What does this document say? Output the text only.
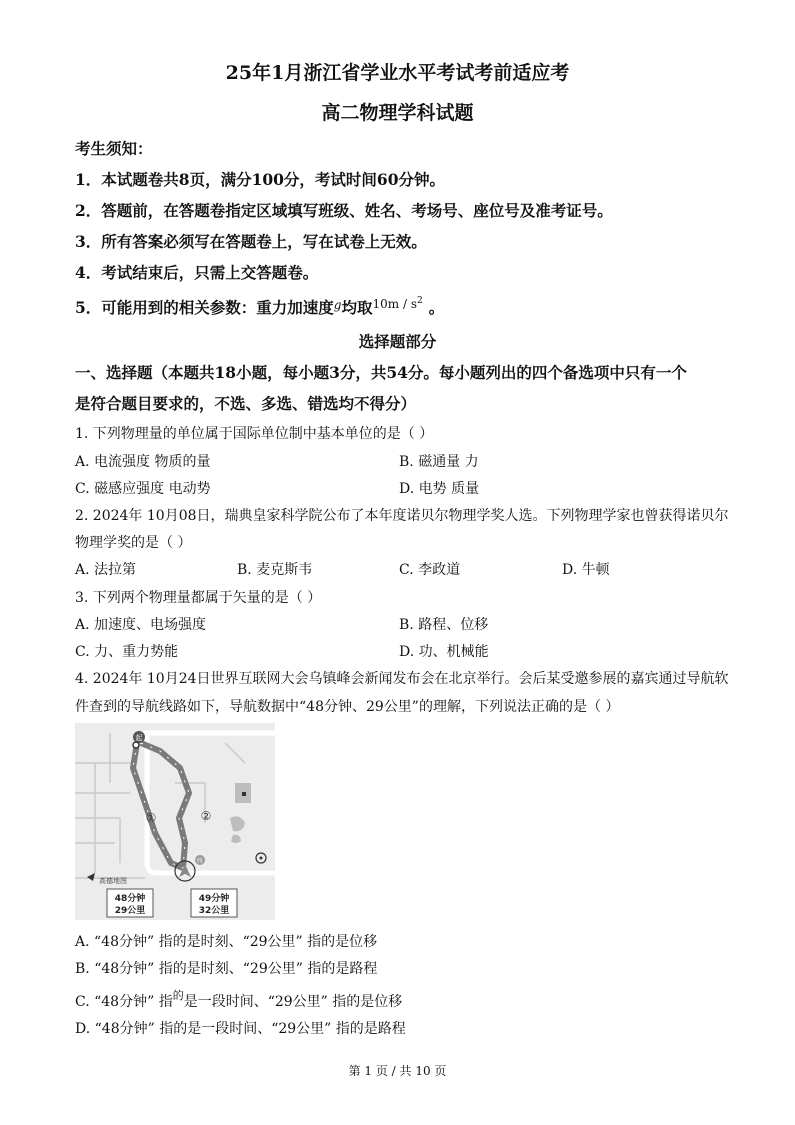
25年1月浙江省学业水平考试考前适应考
高二物理学科试题
考生须知：
1．本试题卷共8页，满分100分，考试时间60分钟。
2．答题前，在答题卷指定区域填写班级、姓名、考场号、座位号及准考证号。
3．所有答案必须写在答题卷上，写在试卷上无效。
4．考试结束后，只需上交答题卷。
5．可能用到的相关参数：重力加速度$^g$均取$^{10m / s^2}$ 。
选择题部分
一、选择题（本题共18小题，每小题3分，共54分。每小题列出的四个备选项中只有一个
是符合题目要求的，不选、多选、错选均不得分）
1. 下列物理量的单位属于国际单位制中基本单位的是（ ）
A. 电流强度 物质的量	B. 磁通量 力
C. 磁感应强度 电动势	D. 电势 质量
2. 2024年 10月08日，瑞典皇家科学院公布了本年度诺贝尔物理学奖人选。下列物理学家也曾获得诺贝尔
物理学奖的是（ ）
A. 法拉第	B. 麦克斯韦	C. 李政道	D. 牛顿
3. 下列两个物理量都属于矢量的是（ ）
A. 加速度、电场强度	B. 路程、位移
C. 力、重力势能	D. 功、机械能
4. 2024年 10月24日世界互联网大会乌镇峰会新闻发布会在北京举行。会后某受邀参展的嘉宾通过导航软
件查到的导航线路如下，导航数据中“48分钟、29公里”的理解，下列说法正确的是（ ）
起
终
①	②
高德地图
48分钟
29公里
49分钟
32公里
A. “48分钟” 指的是时刻、“29公里” 指的是位移
B. “48分钟” 指的是时刻、“29公里” 指的是路程
C. “48分钟” 指$^的$是一段时间、“29公里” 指的是位移
D. “48分钟” 指的是一段时间、“29公里” 指的是路程
第 1 页 / 共 10 页
